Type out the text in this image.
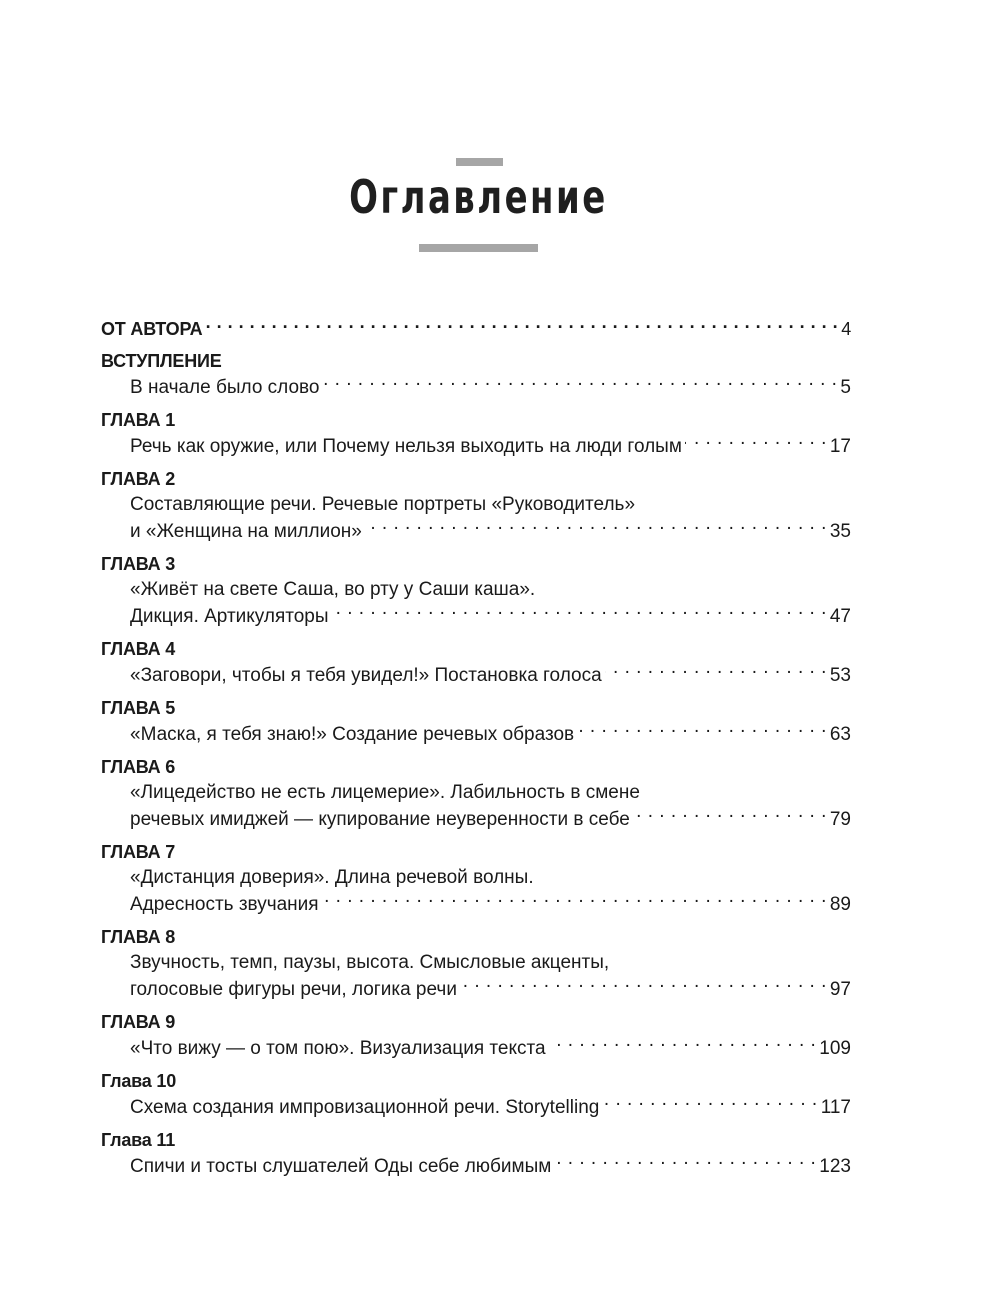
Оглавление
ОТ АВТОРА . . .	4
ВСТУПЛЕНИЕ
В начале было слово . . .	5
ГЛАВА 1
Речь как оружие, или Почему нельзя выходить на люди голым . . .	17
ГЛАВА 2
Составляющие речи. Речевые портреты «Руководитель»
и «Женщина на миллион» . . .	35
ГЛАВА 3
«Живёт на свете Саша, во рту у Саши каша».
Дикция. Артикуляторы . . .	47
ГЛАВА 4
«Заговори, чтобы я тебя увидел!» Постановка голоса . . .	53
ГЛАВА 5
«Маска, я тебя знаю!» Создание речевых образов . . .	63
ГЛАВА 6
«Лицедейство не есть лицемерие». Лабильность в смене
речевых имиджей — купирование неуверенности в себе . . .	79
ГЛАВА 7
«Дистанция доверия». Длина речевой волны.
Адресность звучания . . .	89
ГЛАВА 8
Звучность, темп, паузы, высота. Смысловые акценты,
голосовые фигуры речи, логика речи . . .	97
ГЛАВА 9
«Что вижу — о том пою». Визуализация текста . . .	109
Глава 10
Схема создания импровизационной речи. Storytelling . . .	117
Глава 11
Спичи и тосты слушателей Оды себе любимым . . .	123
